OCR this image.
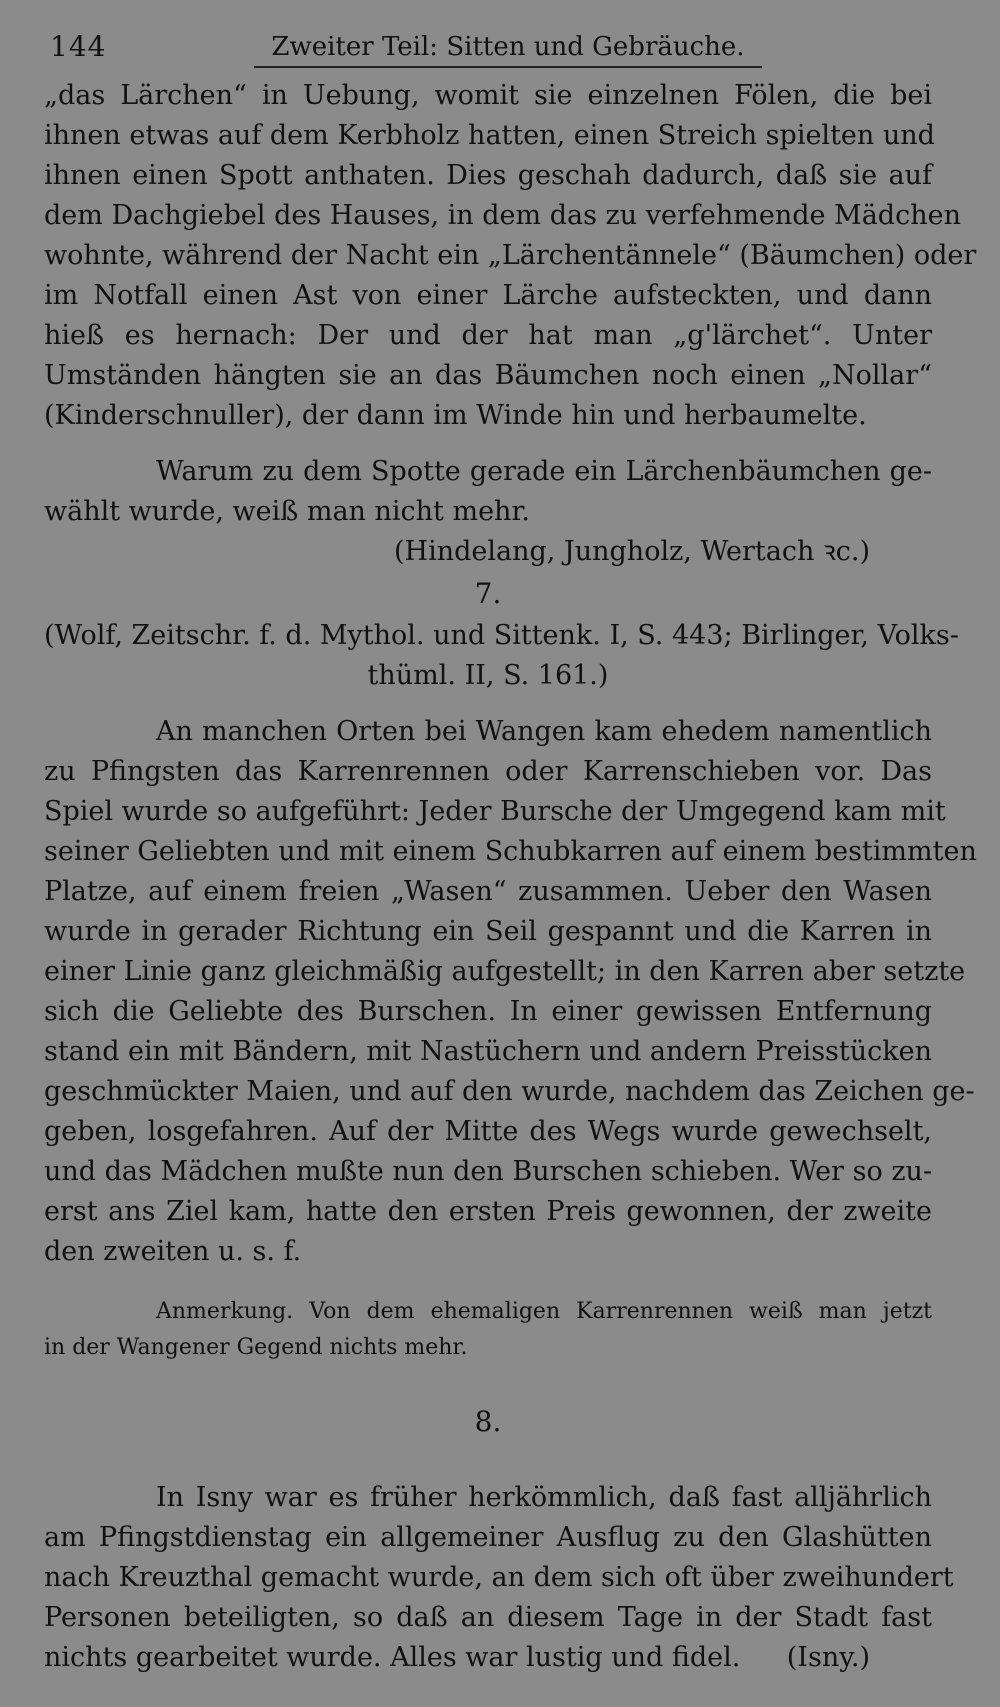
144	Zweiter Teil: Sitten und Gebräuche.
„das Lärchen“ in Uebung, womit sie einzelnen Fölen, die bei
ihnen etwas auf dem Kerbholz hatten, einen Streich spielten und
ihnen einen Spott anthaten. Dies geschah dadurch, daß sie auf
dem Dachgiebel des Hauses, in dem das zu verfehmende Mädchen
wohnte, während der Nacht ein „Lärchentännele“ (Bäumchen) oder
im Notfall einen Ast von einer Lärche aufsteckten, und dann
hieß es hernach: Der und der hat man „g'lärchet“. Unter
Umständen hängten sie an das Bäumchen noch einen „Nollar“
(Kinderschnuller), der dann im Winde hin und herbaumelte.
Warum zu dem Spotte gerade ein Lärchenbäumchen ge-
wählt wurde, weiß man nicht mehr.
(Hindelang, Jungholz, Wertach ꝛc.)
7.
(Wolf, Zeitschr. f. d. Mythol. und Sittenk. I, S. 443; Birlinger, Volks-
thüml. II, S. 161.)
An manchen Orten bei Wangen kam ehedem namentlich
zu Pfingsten das Karrenrennen oder Karrenschieben vor. Das
Spiel wurde so aufgeführt: Jeder Bursche der Umgegend kam mit
seiner Geliebten und mit einem Schubkarren auf einem bestimmten
Platze, auf einem freien „Wasen“ zusammen. Ueber den Wasen
wurde in gerader Richtung ein Seil gespannt und die Karren in
einer Linie ganz gleichmäßig aufgestellt; in den Karren aber setzte
sich die Geliebte des Burschen. In einer gewissen Entfernung
stand ein mit Bändern, mit Nastüchern und andern Preisstücken
geschmückter Maien, und auf den wurde, nachdem das Zeichen ge-
geben, losgefahren. Auf der Mitte des Wegs wurde gewechselt,
und das Mädchen mußte nun den Burschen schieben. Wer so zu-
erst ans Ziel kam, hatte den ersten Preis gewonnen, der zweite
den zweiten u. s. f.
Anmerkung. Von dem ehemaligen Karrenrennen weiß man jetzt
in der Wangener Gegend nichts mehr.
8.
In Isny war es früher herkömmlich, daß fast alljährlich
am Pfingstdienstag ein allgemeiner Ausflug zu den Glashütten
nach Kreuzthal gemacht wurde, an dem sich oft über zweihundert
Personen beteiligten, so daß an diesem Tage in der Stadt fast
nichts gearbeitet wurde. Alles war lustig und fidel. (Isny.)
